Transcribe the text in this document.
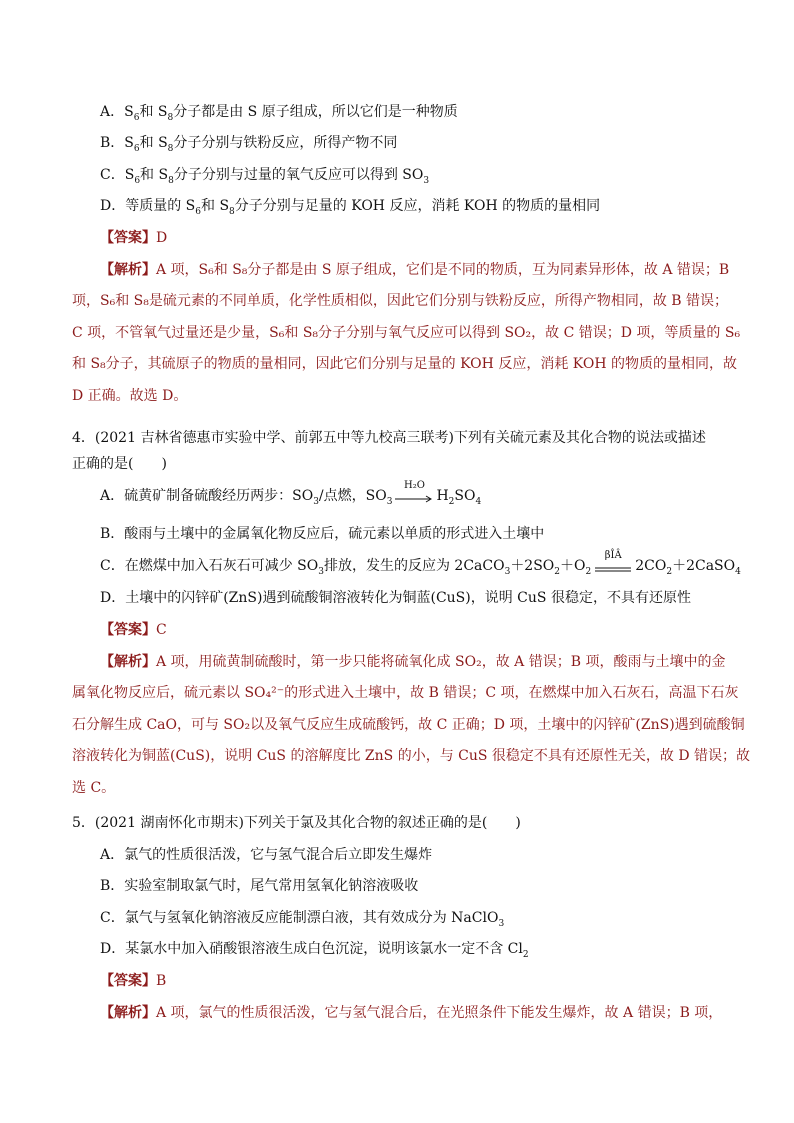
A．$S_6$和 $S_8$分子都是由 S 原子组成，所以它们是一种物质
B．$S_6$和 $S_8$分子分别与铁粉反应，所得产物不同
C．$S_6$和 $S_8$分子分别与过量的氧气反应可以得到 $SO_3$
D．等质量的 $S_6$和 $S_8$分子分别与足量的 KOH 反应，消耗 KOH 的物质的量相同
【答案】D
【解析】A 项，S₆和 S₈分子都是由 S 原子组成，它们是不同的物质，互为同素异形体，故 A 错误；B
项，S₆和 S₈是硫元素的不同单质，化学性质相似，因此它们分别与铁粉反应，所得产物相同，故 B 错误；
C 项，不管氧气过量还是少量，S₆和 S₈分子分别与氧气反应可以得到 SO₂，故 C 错误；D 项，等质量的 S₆
和 S₈分子，其硫原子的物质的量相同，因此它们分别与足量的 KOH 反应，消耗 KOH 的物质的量相同，故
D 正确。故选 D。
4．(2021 吉林省德惠市实验中学、前郭五中等九校高三联考)下列有关硫元素及其化合物的说法或描述
正确的是(　　)
A．硫黄矿制备硫酸经历两步：$SO_3/$点燃，$SO_3$
H₂O
$H_2SO_4$
B．酸雨与土壤中的金属氧化物反应后，硫元素以单质的形式进入土壤中
C．在燃煤中加入石灰石可减少 $SO_3$排放，发生的反应为 $2CaCO_3+2SO_2+O_2$
βÎÂ
$2CO_2+2CaSO_4$
D．土壤中的闪锌矿(ZnS)遇到硫酸铜溶液转化为铜蓝(CuS)，说明 CuS 很稳定，不具有还原性
【答案】C
【解析】A 项，用硫黄制硫酸时，第一步只能将硫氧化成 SO₂，故 A 错误；B 项，酸雨与土壤中的金
属氧化物反应后，硫元素以 SO₄²⁻的形式进入土壤中，故 B 错误；C 项，在燃煤中加入石灰石，高温下石灰
石分解生成 CaO，可与 SO₂以及氧气反应生成硫酸钙，故 C 正确；D 项，土壤中的闪锌矿(ZnS)遇到硫酸铜
溶液转化为铜蓝(CuS)，说明 CuS 的溶解度比 ZnS 的小，与 CuS 很稳定不具有还原性无关，故 D 错误；故
选 C。
5．(2021 湖南怀化市期末)下列关于氯及其化合物的叙述正确的是(　　)
A．氯气的性质很活泼，它与氢气混合后立即发生爆炸
B．实验室制取氯气时，尾气常用氢氧化钠溶液吸收
C．氯气与氢氧化钠溶液反应能制漂白液，其有效成分为 NaClO$_3$
D．某氯水中加入硝酸银溶液生成白色沉淀，说明该氯水一定不含 $Cl_2$
【答案】B
【解析】A 项，氯气的性质很活泼，它与氢气混合后，在光照条件下能发生爆炸，故 A 错误；B 项，
